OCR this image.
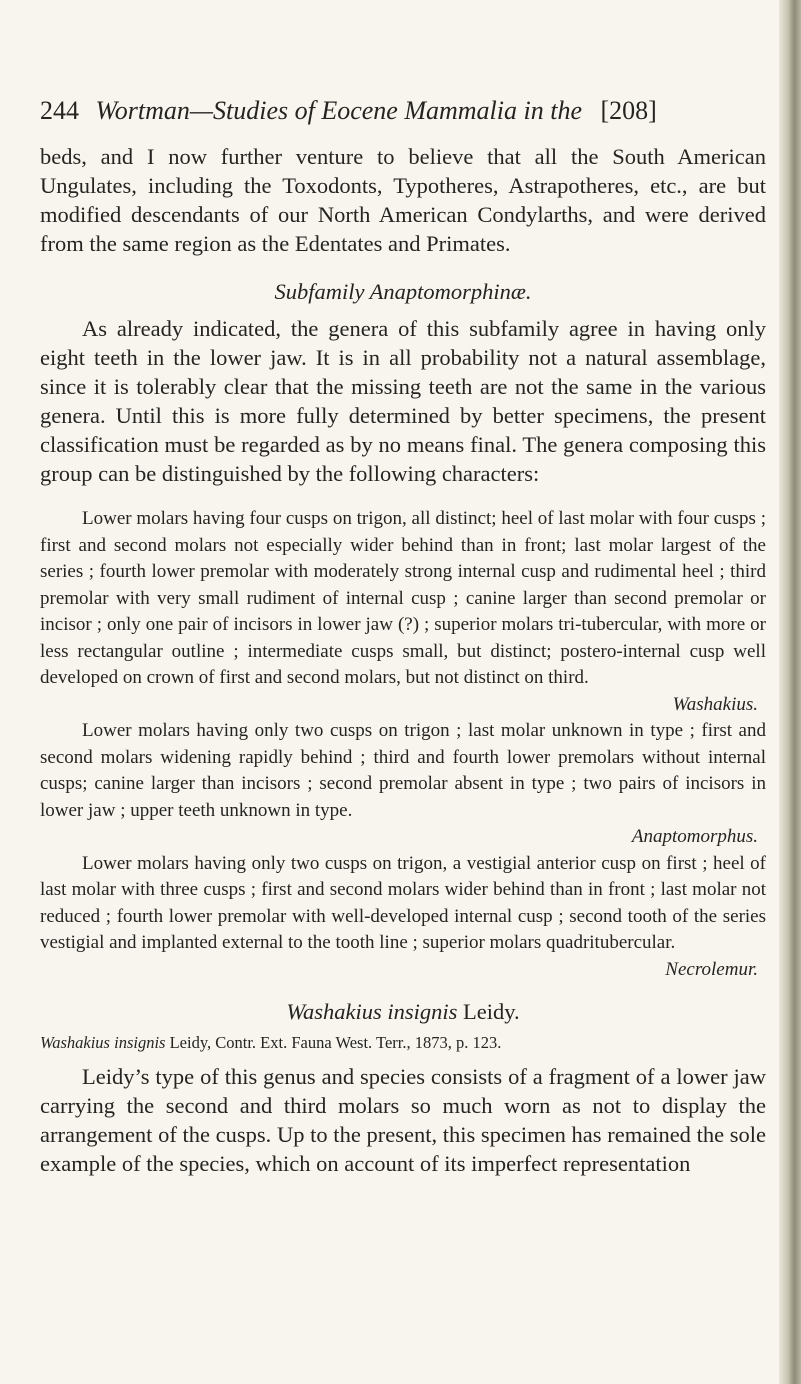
244 Wortman—Studies of Eocene Mammalia in the [208]

beds, and I now further venture to believe that all the South American Ungulates, including the Toxodonts, Typotheres, Astrapotheres, etc., are but modified descendants of our North American Condylarths, and were derived from the same region as the Edentates and Primates.

Subfamily Anaptomorphinæ.

As already indicated, the genera of this subfamily agree in having only eight teeth in the lower jaw. It is in all probability not a natural assemblage, since it is tolerably clear that the missing teeth are not the same in the various genera. Until this is more fully determined by better specimens, the present classification must be regarded as by no means final. The genera composing this group can be distinguished by the following characters:

Lower molars having four cusps on trigon, all distinct; heel of last molar with four cusps ; first and second molars not especially wider behind than in front; last molar largest of the series ; fourth lower premolar with moderately strong internal cusp and rudimental heel ; third premolar with very small rudiment of internal cusp ; canine larger than second premolar or incisor ; only one pair of incisors in lower jaw (?) ; superior molars tri-tubercular, with more or less rectangular outline ; intermediate cusps small, but distinct; postero-internal cusp well developed on crown of first and second molars, but not distinct on third.
Washakius.

Lower molars having only two cusps on trigon ; last molar unknown in type ; first and second molars widening rapidly behind ; third and fourth lower premolars without internal cusps; canine larger than incisors ; second premolar absent in type ; two pairs of incisors in lower jaw ; upper teeth unknown in type.
Anaptomorphus.

Lower molars having only two cusps on trigon, a vestigial anterior cusp on first ; heel of last molar with three cusps ; first and second molars wider behind than in front ; last molar not reduced ; fourth lower premolar with well-developed internal cusp ; second tooth of the series vestigial and implanted external to the tooth line ; superior molars quadritubercular.
Necrolemur.

Washakius insignis Leidy.

Washakius insignis Leidy, Contr. Ext. Fauna West. Terr., 1873, p. 123.

Leidy’s type of this genus and species consists of a fragment of a lower jaw carrying the second and third molars so much worn as not to display the arrangement of the cusps. Up to the present, this specimen has remained the sole example of the species, which on account of its imperfect representation
